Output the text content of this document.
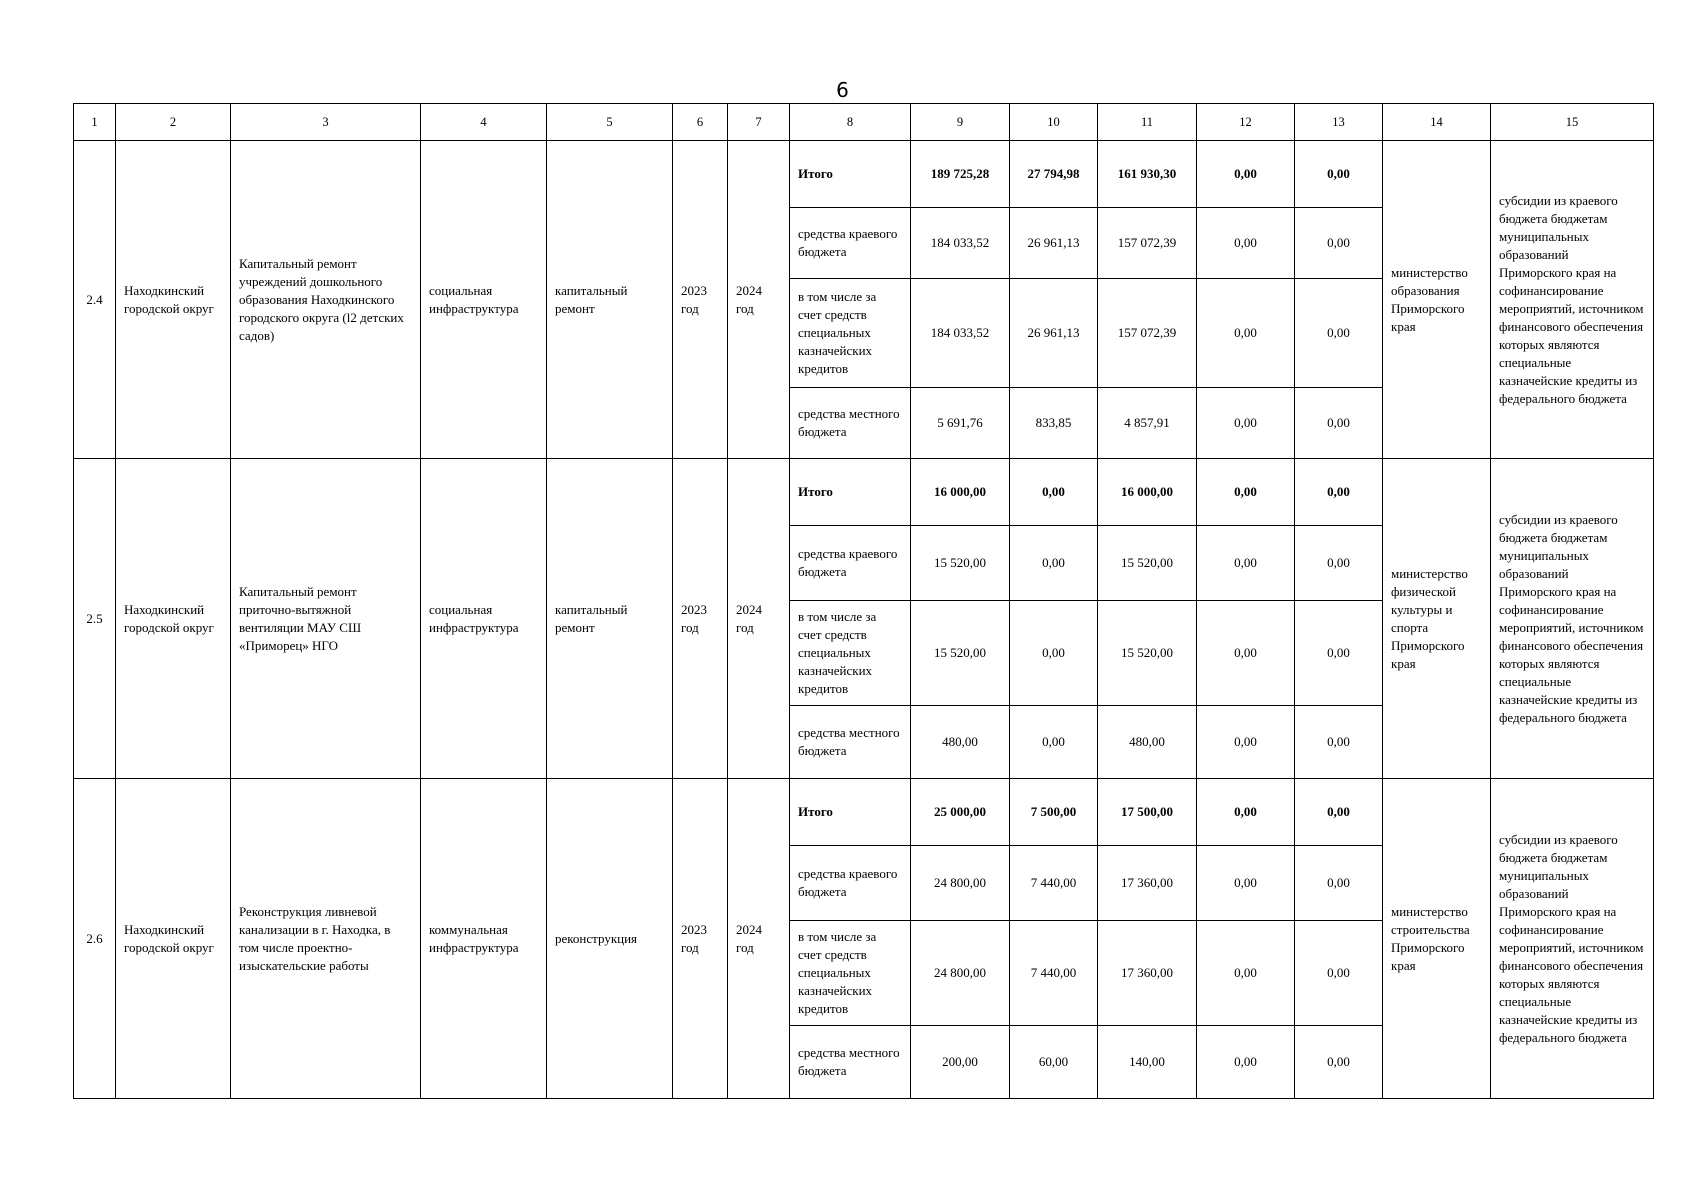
6
1	2	3	4	5	6	7	8	9	10	11	12	13	14	15
2.4	Находкинский городской округ	Капитальный ремонт учреждений дошкольного образования Находкинского городского округа (l2 детских садов)	социальная инфраструктура	капитальный ремонт	2023 год	2024 год	Итого	189 725,28	27 794,98	161 930,30	0,00	0,00	министерство образования Приморского края	субсидии из краевого бюджета бюджетам муниципальных образований Приморского края на софинансирование мероприятий, источником финансового обеспечения которых являются специальные казначейские кредиты из федерального бюджета
							средства краевого бюджета	184 033,52	26 961,13	157 072,39	0,00	0,00		
							в том числе за счет средств специальных казначейских кредитов	184 033,52	26 961,13	157 072,39	0,00	0,00		
							средства местного бюджета	5 691,76	833,85	4 857,91	0,00	0,00		
2.5	Находкинский городской округ	Капитальный ремонт приточно-вытяжной вентиляции МАУ СШ «Приморец» НГО	социальная инфраструктура	капитальный ремонт	2023 год	2024 год	Итого	16 000,00	0,00	16 000,00	0,00	0,00	министерство физической культуры и спорта Приморского края	субсидии из краевого бюджета бюджетам муниципальных образований Приморского края на софинансирование мероприятий, источником финансового обеспечения которых являются специальные казначейские кредиты из федерального бюджета
							средства краевого бюджета	15 520,00	0,00	15 520,00	0,00	0,00		
							в том числе за счет средств специальных казначейских кредитов	15 520,00	0,00	15 520,00	0,00	0,00		
							средства местного бюджета	480,00	0,00	480,00	0,00	0,00		
2.6	Находкинский городской округ	Реконструкция ливневой канализации в г. Находка, в том числе проектно-изыскательские работы	коммунальная инфраструктура	реконструкция	2023 год	2024 год	Итого	25 000,00	7 500,00	17 500,00	0,00	0,00	министерство строительства Приморского края	субсидии из краевого бюджета бюджетам муниципальных образований Приморского края на софинансирование мероприятий, источником финансового обеспечения которых являются специальные казначейские кредиты из федерального бюджета
							средства краевого бюджета	24 800,00	7 440,00	17 360,00	0,00	0,00		
							в том числе за счет средств специальных казначейских кредитов	24 800,00	7 440,00	17 360,00	0,00	0,00		
							средства местного бюджета	200,00	60,00	140,00	0,00	0,00		
